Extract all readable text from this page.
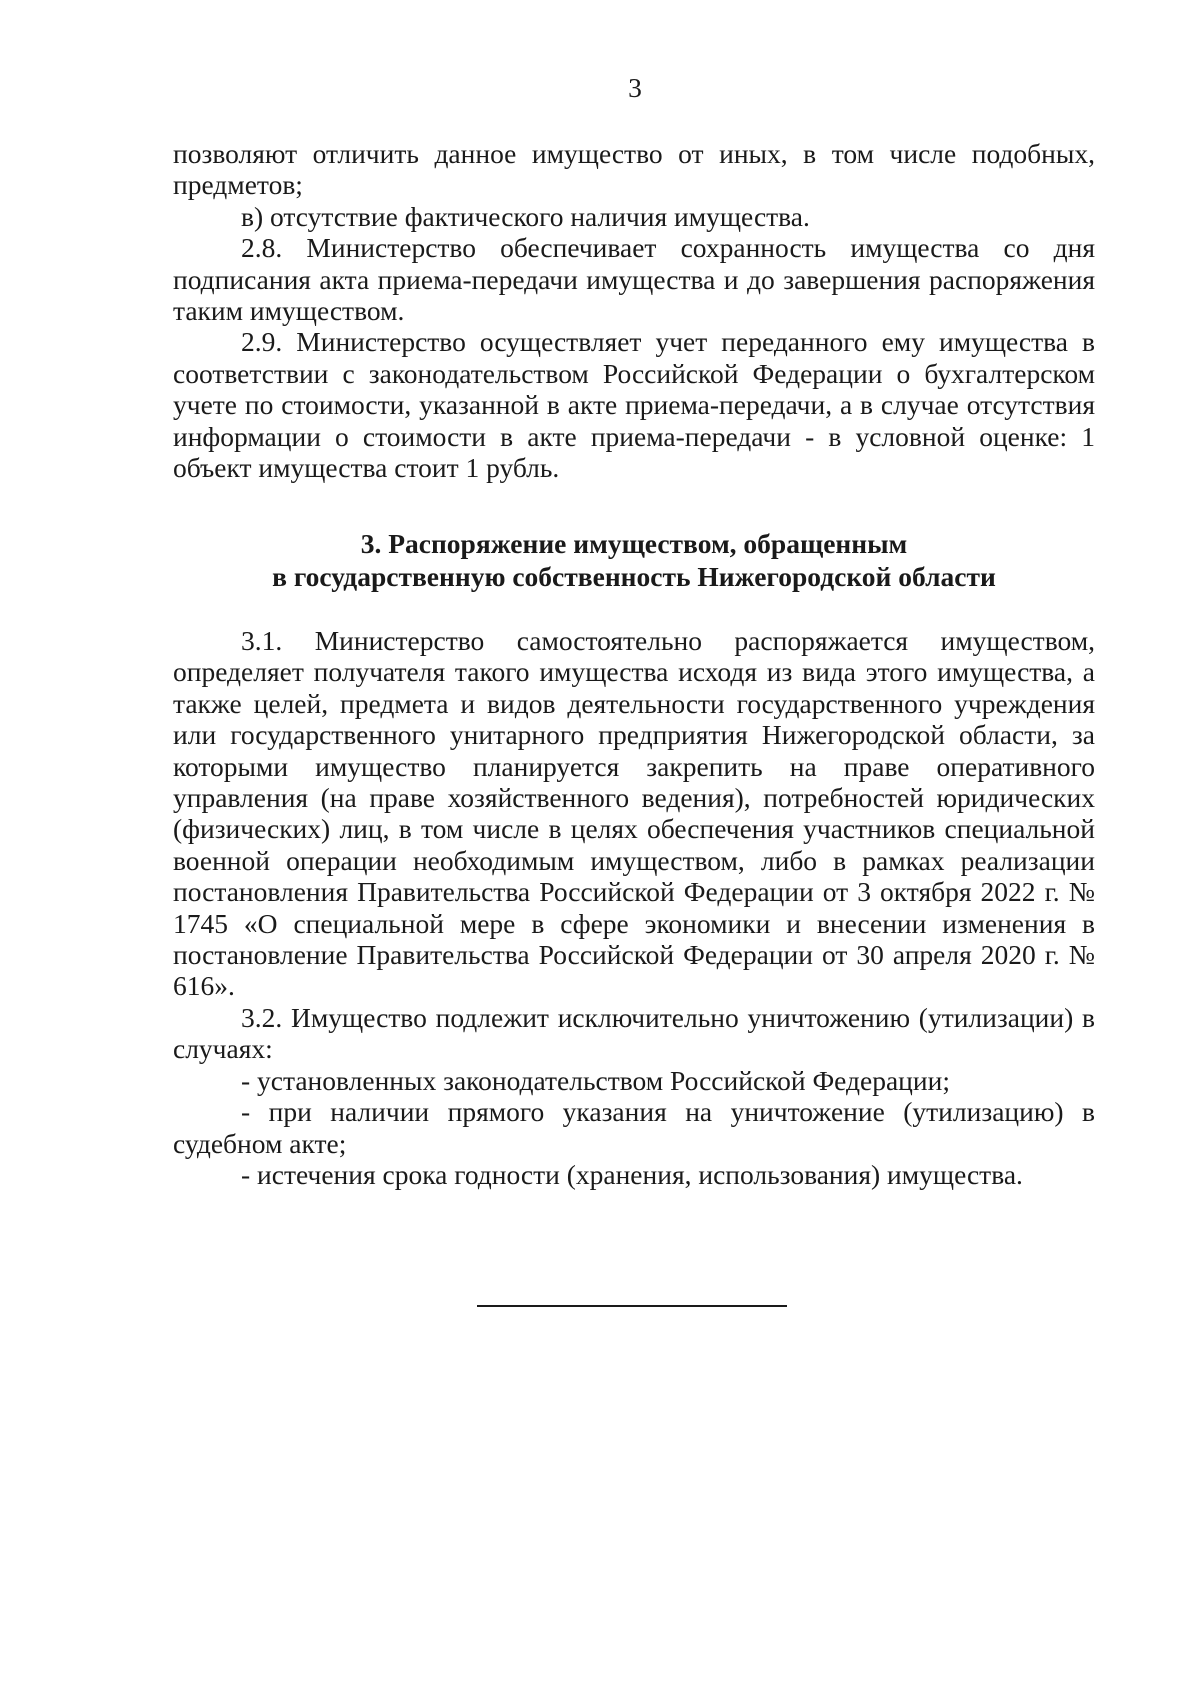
3

позволяют отличить данное имущество от иных, в том числе подобных, предметов;

в) отсутствие фактического наличия имущества.

2.8. Министерство обеспечивает сохранность имущества со дня подписания акта приема-передачи имущества и до завершения распоряжения таким имуществом.

2.9. Министерство осуществляет учет переданного ему имущества в соответствии с законодательством Российской Федерации о бухгалтерском учете по стоимости, указанной в акте приема-передачи, а в случае отсутствия информации о стоимости в акте приема-передачи - в условной оценке: 1 объект имущества стоит 1 рубль.

3. Распоряжение имуществом, обращенным
в государственную собственность Нижегородской области

3.1. Министерство самостоятельно распоряжается имуществом, определяет получателя такого имущества исходя из вида этого имущества, а также целей, предмета и видов деятельности государственного учреждения или государственного унитарного предприятия Нижегородской области, за которыми имущество планируется закрепить на праве оперативного управления (на праве хозяйственного ведения), потребностей юридических (физических) лиц, в том числе в целях обеспечения участников специальной военной операции необходимым имуществом, либо в рамках реализации постановления Правительства Российской Федерации от 3 октября 2022 г. № 1745 «О специальной мере в сфере экономики и внесении изменения в постановление Правительства Российской Федерации от 30 апреля 2020 г. № 616».

3.2. Имущество подлежит исключительно уничтожению (утилизации) в случаях:

- установленных законодательством Российской Федерации;

- при наличии прямого указания на уничтожение (утилизацию) в судебном акте;

- истечения срока годности (хранения, использования) имущества.
